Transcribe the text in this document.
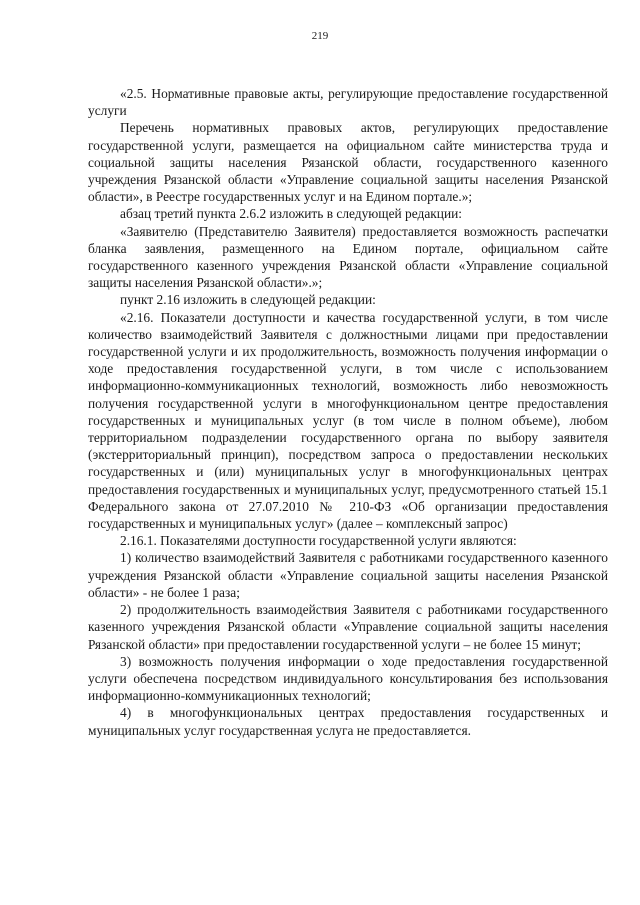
219

«2.5. Нормативные правовые акты, регулирующие предоставление государственной услуги

Перечень нормативных правовых актов, регулирующих предоставление государственной услуги, размещается на официальном сайте министерства труда и социальной защиты населения Рязанской области, государственного казенного учреждения Рязанской области «Управление социальной защиты населения Рязанской области», в Реестре государственных услуг и на Едином портале.»;

абзац третий пункта 2.6.2 изложить в следующей редакции:

«Заявителю (Представителю Заявителя) предоставляется возможность распечатки бланка заявления, размещенного на Едином портале, официальном сайте государственного казенного учреждения Рязанской области «Управление социальной защиты населения Рязанской области».»;

пункт 2.16 изложить в следующей редакции:

«2.16. Показатели доступности и качества государственной услуги, в том числе количество взаимодействий Заявителя с должностными лицами при предоставлении государственной услуги и их продолжительность, возможность получения информации о ходе предоставления государственной услуги, в том числе с использованием информационно-коммуникационных технологий, возможность либо невозможность получения государственной услуги в многофункциональном центре предоставления государственных и муниципальных услуг (в том числе в полном объеме), любом территориальном подразделении государственного органа по выбору заявителя (экстерриториальный принцип), посредством запроса о предоставлении нескольких государственных и (или) муниципальных услуг в многофункциональных центрах предоставления государственных и муниципальных услуг, предусмотренного статьей 15.1 Федерального закона от 27.07.2010 № 210-ФЗ «Об организации предоставления государственных и муниципальных услуг» (далее – комплексный запрос)

2.16.1. Показателями доступности государственной услуги являются:

1) количество взаимодействий Заявителя с работниками государственного казенного учреждения Рязанской области «Управление социальной защиты населения Рязанской области» - не более 1 раза;

2) продолжительность взаимодействия Заявителя с работниками государственного казенного учреждения Рязанской области «Управление социальной защиты населения Рязанской области» при предоставлении государственной услуги – не более 15 минут;

3) возможность получения информации о ходе предоставления государственной услуги обеспечена посредством индивидуального консультирования без использования информационно-коммуникационных технологий;

4) в многофункциональных центрах предоставления государственных и муниципальных услуг государственная услуга не предоставляется.
